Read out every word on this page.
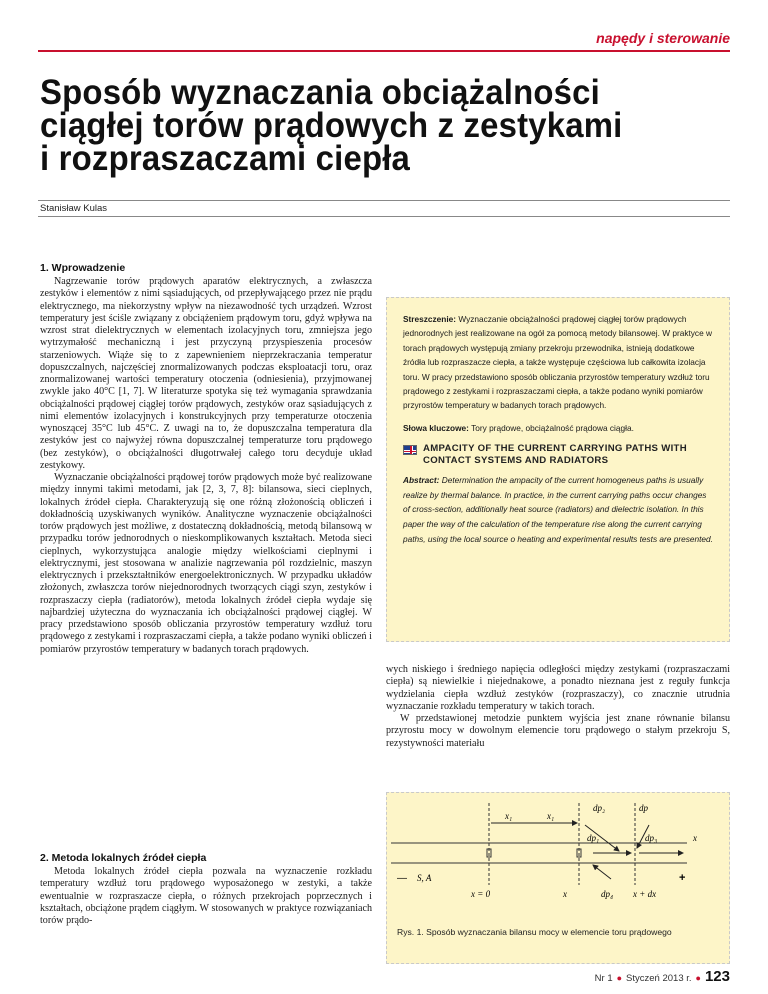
napędy i sterowanie
Sposób wyznaczania obciążalności
ciągłej torów prądowych z zestykami
i rozpraszaczami ciepła
Stanisław Kulas
1. Wprowadzenie

Nagrzewanie torów prądowych aparatów elektrycznych, a zwłaszcza zestyków i elementów z nimi sąsiadujących, od przepływającego przez nie prądu elektrycznego, ma niekorzystny wpływ na niezawodność tych urządzeń. Wzrost temperatury jest ściśle związany z obciążeniem prądowym toru, gdyż wpływa na wzrost strat dielektrycznych w elementach izolacyjnych toru, zmniejsza jego wytrzymałość mechaniczną i jest przyczyną przyspieszenia procesów starzeniowych. Wiąże się to z zapewnieniem nieprzekraczania temperatur dopuszczalnych, najczęściej znormalizowanych podczas eksploatacji toru, oraz znormalizowanej wartości temperatury otoczenia (odniesienia), przyjmowanej zwykle jako 40°C [1, 7]. W literaturze spotyka się też wymagania sprawdzania obciążalności prądowej ciągłej torów prądowych, zestyków oraz sąsiadujących z nimi elementów izolacyjnych i konstrukcyjnych przy temperaturze otoczenia wynoszącej 35°C lub 45°C. Z uwagi na to, że dopuszczalna temperatura dla zestyków jest co najwyżej równa dopuszczalnej temperaturze toru prądowego (bez zestyków), o obciążalności długotrwałej całego toru decyduje układ zestykowy.

Wyznaczanie obciążalności prądowej torów prądowych może być realizowane między innymi takimi metodami, jak [2, 3, 7, 8]: bilansowa, sieci cieplnych, lokalnych źródeł ciepła. Charakteryzują się one różną złożonością obliczeń i dokładnością uzyskiwanych wyników. Analityczne wyznaczenie obciążalności torów prądowych jest możliwe, z dostateczną dokładnością, metodą bilansową w przypadku torów jednorodnych o nieskomplikowanych kształtach. Metoda sieci cieplnych, wykorzystująca analogie między wielkościami cieplnymi i elektrycznymi, jest stosowana w analizie nagrzewania pól rozdzielnic, maszyn elektrycznych i przekształtników energoelektronicznych. W przypadku układów złożonych, zwłaszcza torów niejednorodnych tworzących ciągi szyn, zestyków i rozpraszaczy ciepła (radiatorów), metoda lokalnych źródeł ciepła wydaje się najbardziej użyteczna do wyznaczania ich obciążalności prądowej ciągłej. W pracy przedstawiono sposób obliczania przyrostów temperatury wzdłuż toru prądowego z zestykami i rozpraszaczami ciepła, a także podano wyniki obliczeń i pomiarów przyrostów temperatury w badanych torach prądowych.

2. Metoda lokalnych źródeł ciepła

Metoda lokalnych źródeł ciepła pozwala na wyznaczenie rozkładu temperatury wzdłuż toru prądowego wyposażonego w zestyki, a także ewentualnie w rozpraszacze ciepła, o różnych przekrojach poprzecznych i kształtach, obciążone prądem ciągłym. W stosowanych w praktyce rozwiązaniach torów prądo-

Streszczenie: Wyznaczanie obciążalności prądowej ciągłej torów prądowych jednorodnych jest realizowane na ogół za pomocą metody bilansowej. W praktyce w torach prądowych występują zmiany przekroju przewodnika, istnieją dodatkowe źródła lub rozpraszacze ciepła, a także występuje częściowa lub całkowita izolacja toru. W pracy przedstawiono sposób obliczania przyrostów temperatury wzdłuż toru prądowego z zestykami i rozpraszaczami ciepła, a także podano wyniki pomiarów przyrostów temperatury w badanych torach prądowych.

Słowa kluczowe: Tory prądowe, obciążalność prądowa ciągła.

AMPACITY OF THE CURRENT CARRYING PATHS WITH CONTACT SYSTEMS AND RADIATORS

Abstract: Determination the ampacity of the current homogeneus paths is usually realize by thermal balance. In practice, in the current carrying paths occur changes of cross-section, additionally heat source (radiators) and dielectric isolation. In this paper the way of the calculation of the temperature rise along the current carrying paths, using the local source o heating and experimental results tests are presented.

wych niskiego i średniego napięcia odległości między zestykami (rozpraszaczami ciepła) są niewielkie i niejednakowe, a ponadto nieznana jest z reguły funkcja wydzielania ciepła wzdłuż zestyków (rozpraszaczy), co znacznie utrudnia wyznaczanie rozkładu temperatury w takich torach.

W przedstawionej metodzie punktem wyjścia jest znane równanie bilansu przyrostu mocy w dowolnym elemencie toru prądowego o stałym przekroju S, rezystywności materiału

x₁	x₁
dp₂	dp
dp₁	dp₃	x
— S, A
x = 0	x	dp₄ x + dx
+
Rys. 1. Sposób wyznaczania bilansu mocy w elemencie toru prądowego
Nr 1 ● Styczeń 2013 r. ● 123
